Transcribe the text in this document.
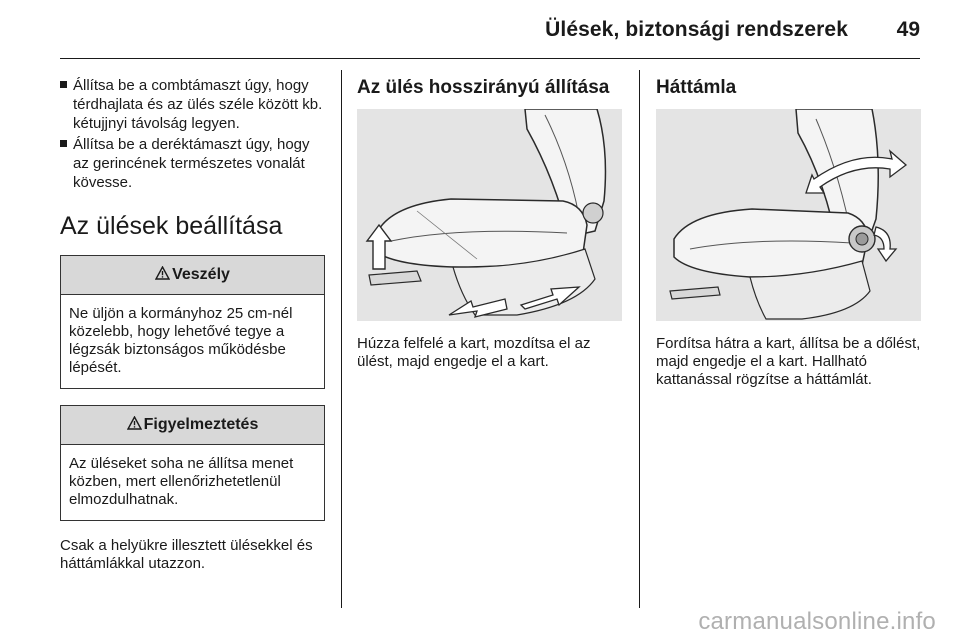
Ülések, biztonsági rendszerek 49
Állítsa be a combtámaszt úgy, hogy térdhajlata és az ülés széle között kb. kétujjnyi távolság legyen.
Állítsa be a deréktámaszt úgy, hogy az gerincének természetes vonalát kövesse.
Az ülések beállítása
Veszély
Ne üljön a kormányhoz 25 cm-nél közelebb, hogy lehetővé tegye a légzsák biztonságos működésbe lépését.
Figyelmeztetés
Az üléseket soha ne állítsa menet közben, mert ellenőrizhetetlenül elmozdulhatnak.
Csak a helyükre illesztett ülésekkel és háttámlákkal utazzon.
Az ülés hosszirányú állítása
Húzza felfelé a kart, mozdítsa el az ülést, majd engedje el a kart.
Háttámla
Fordítsa hátra a kart, állítsa be a dőlést, majd engedje el a kart. Hallható kattanással rögzítse a háttámlát.
carmanualsonline.info
